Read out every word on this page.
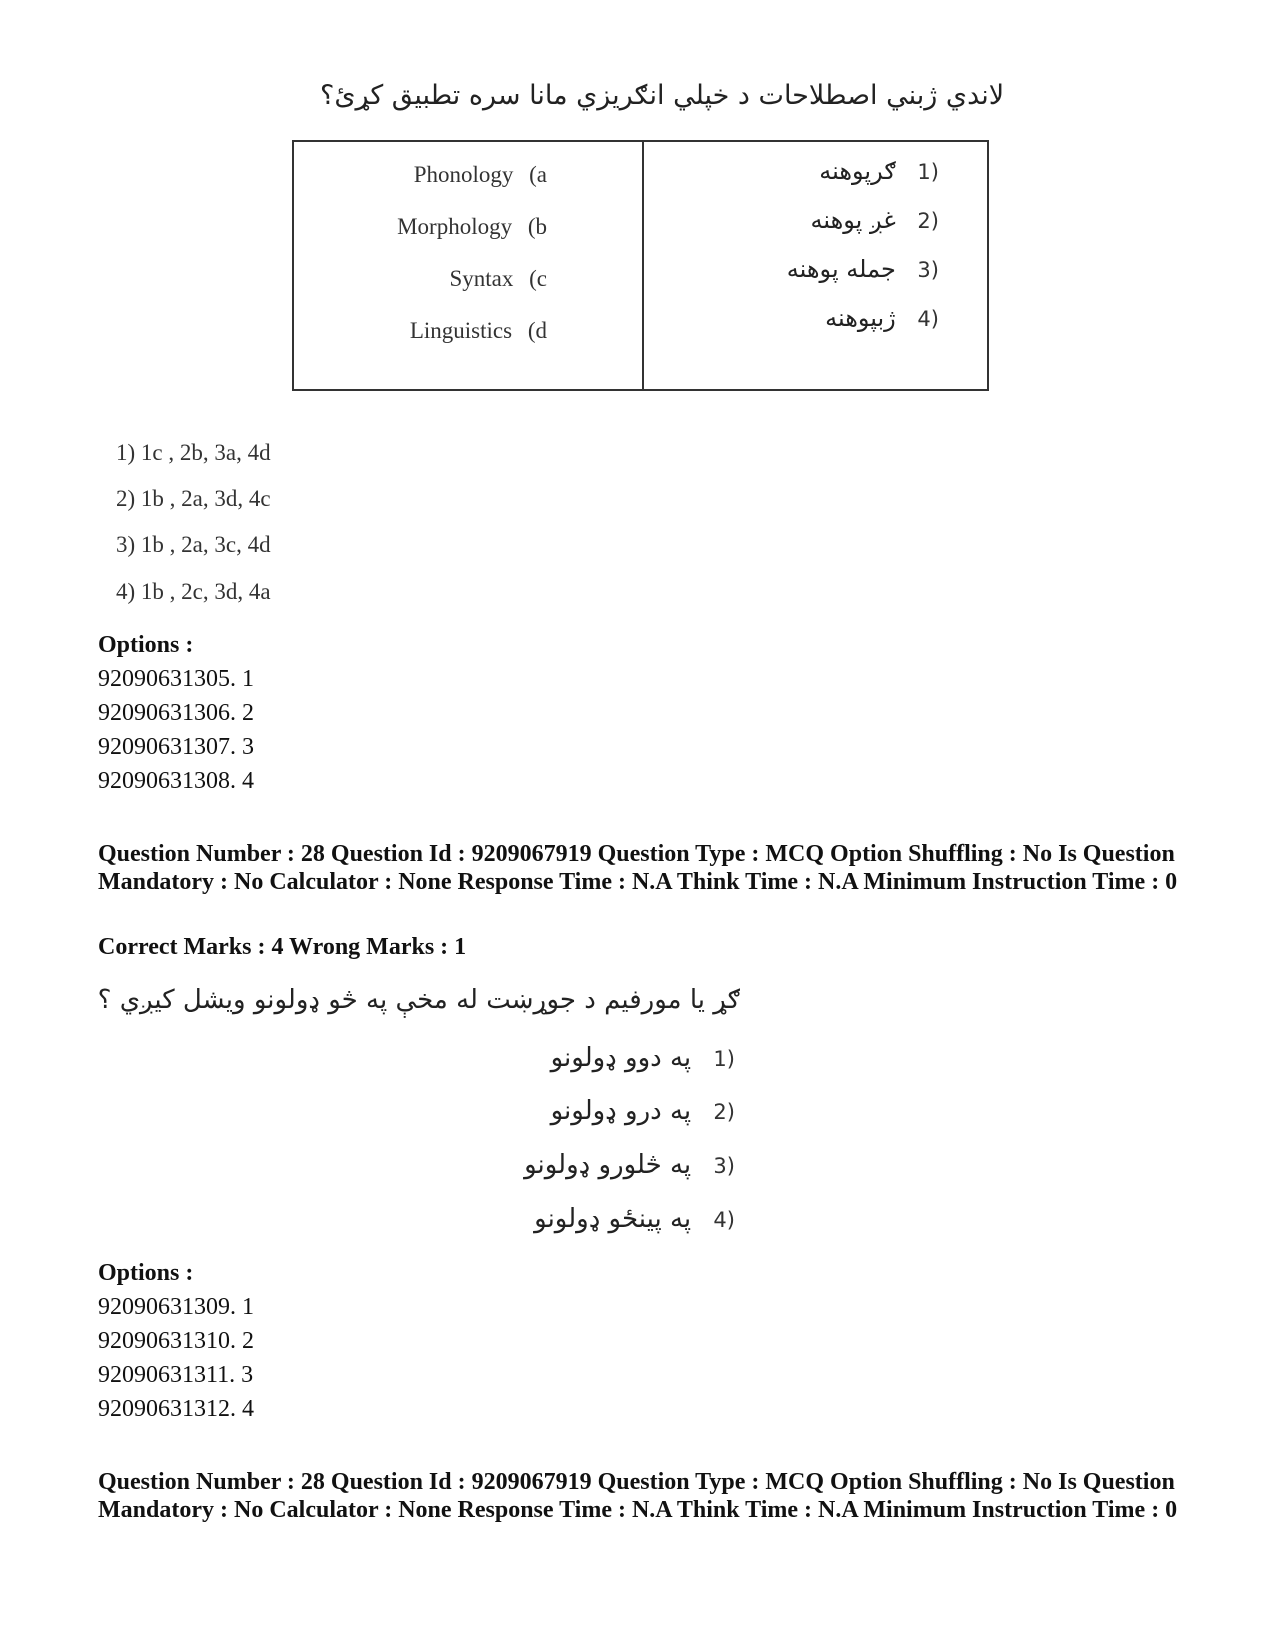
لاندي ژبني اصطلاحات د خپلي انګریزي مانا سره تطبیق کړئ؟
Phonology (a
Morphology (b
Syntax (c
Linguistics (d
(1 ګرپوهنه
(2 غږ پوهنه
(3 جمله پوهنه
(4 ژبپوهنه
1) 1c , 2b, 3a, 4d
2) 1b , 2a, 3d, 4c
3) 1b , 2a, 3c, 4d
4) 1b , 2c, 3d, 4a
Options :
92090631305. 1
92090631306. 2
92090631307. 3
92090631308. 4
Question Number : 28 Question Id : 9209067919 Question Type : MCQ Option Shuffling : No Is Question Mandatory : No Calculator : None Response Time : N.A Think Time : N.A Minimum Instruction Time : 0
Correct Marks : 4 Wrong Marks : 1
ګړ یا مورفیم د جوړښت له مخې په څو ډولونو ویشل کیږي ؟
(1 په دوو ډولونو
(2 په درو ډولونو
(3 په څلورو ډولونو
(4 په پینځو ډولونو
Options :
92090631309. 1
92090631310. 2
92090631311. 3
92090631312. 4
Question Number : 28 Question Id : 9209067919 Question Type : MCQ Option Shuffling : No Is Question Mandatory : No Calculator : None Response Time : N.A Think Time : N.A Minimum Instruction Time : 0
